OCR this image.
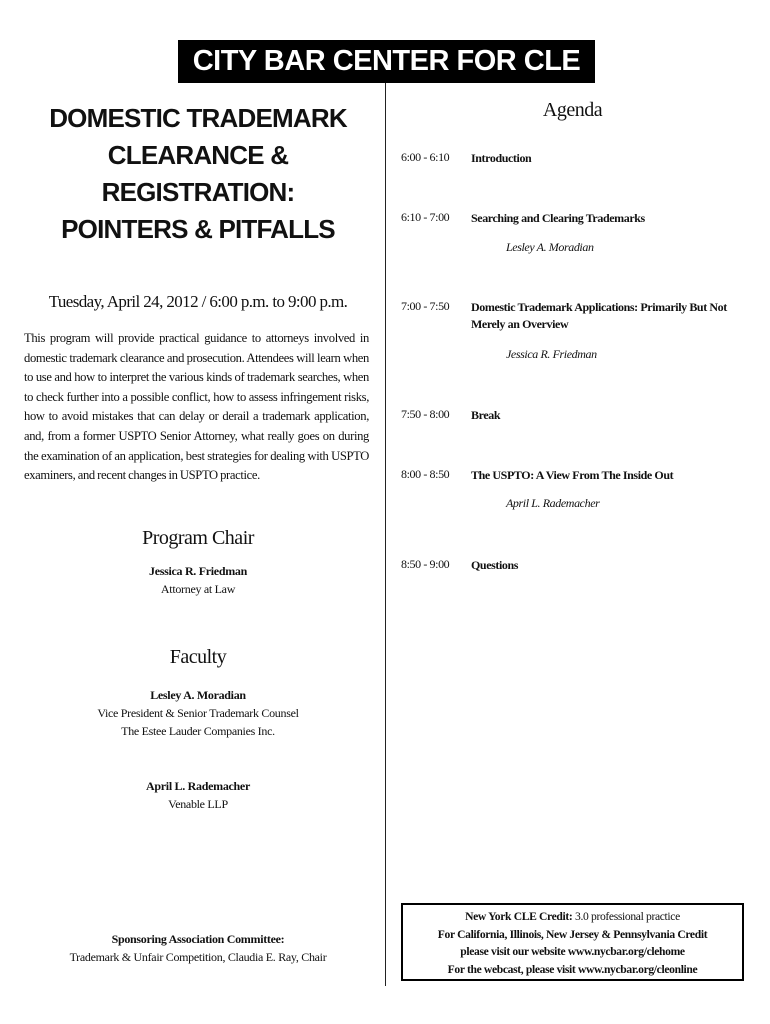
CITY BAR CENTER FOR CLE
DOMESTIC TRADEMARK
CLEARANCE &
REGISTRATION:
POINTERS & PITFALLS
Tuesday, April 24, 2012 / 6:00 p.m. to 9:00 p.m.
This program will provide practical guidance to attorneys involved in domestic trademark clearance and prosecution. Attendees will learn when to use and how to interpret the various kinds of trademark searches, when to check further into a possible conflict, how to assess infringement risks, how to avoid mistakes that can delay or derail a trademark application, and, from a former USPTO Senior Attorney, what really goes on during the examination of an application, best strategies for dealing with USPTO examiners, and recent changes in USPTO practice.
Program Chair
Jessica R. Friedman
Attorney at Law
Faculty
Lesley A. Moradian
Vice President & Senior Trademark Counsel
The Estee Lauder Companies Inc.
April L. Rademacher
Venable LLP
Sponsoring Association Committee:
Trademark & Unfair Competition, Claudia E. Ray, Chair
Agenda
6:00 - 6:10 Introduction
6:10 - 7:00 Searching and Clearing Trademarks
Lesley A. Moradian
7:00 - 7:50 Domestic Trademark Applications: Primarily But Not Merely an Overview
Jessica R. Friedman
7:50 - 8:00 Break
8:00 - 8:50 The USPTO: A View From The Inside Out
April L. Rademacher
8:50 - 9:00 Questions
New York CLE Credit: 3.0 professional practice
For California, Illinois, New Jersey & Pennsylvania Credit
please visit our website www.nycbar.org/clehome
For the webcast, please visit www.nycbar.org/cleonline
